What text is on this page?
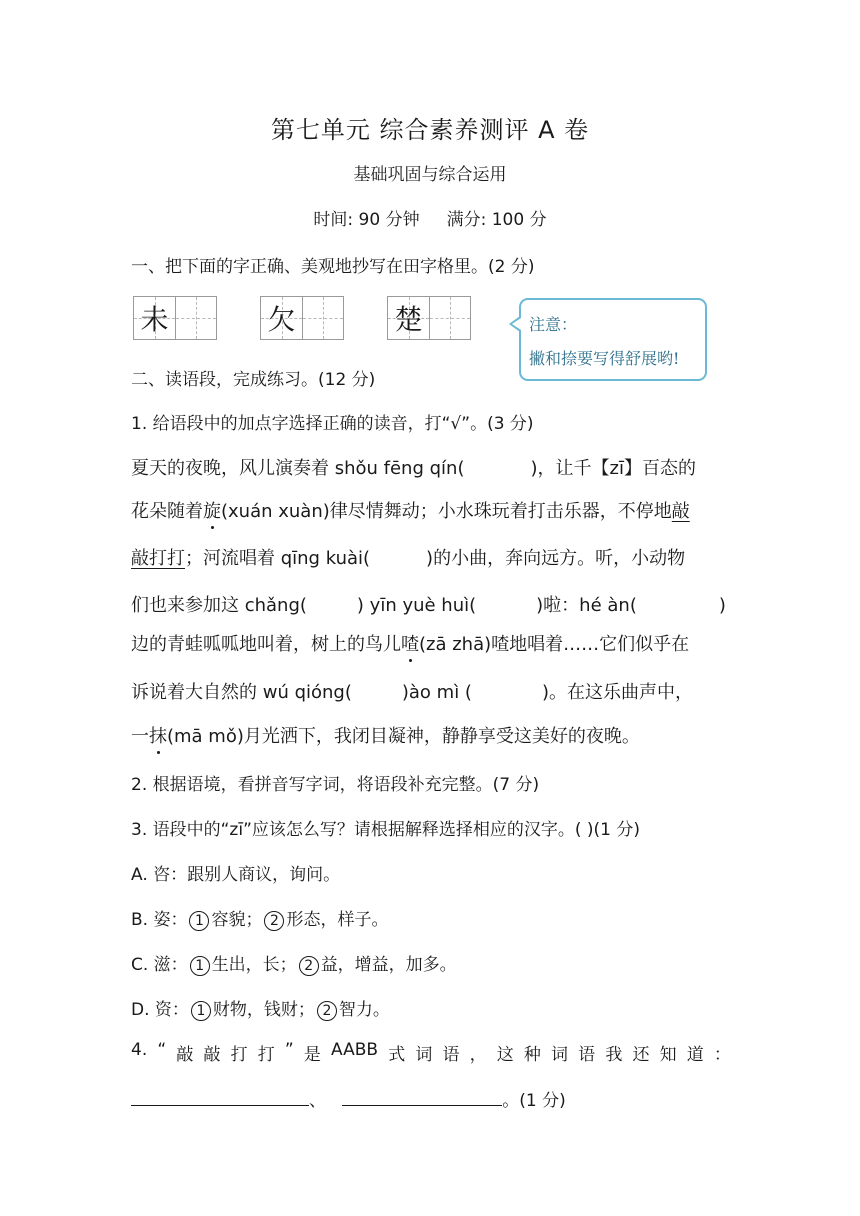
第七单元 综合素养测评 A 卷
基础巩固与综合运用
时间: 90 分钟 满分: 100 分
一、把下面的字正确、美观地抄写在田字格里。(2 分)
未	欠	楚	注意：
撇和捺要写得舒展哟!
二、读语段，完成练习。(12 分)
1. 给语段中的加点字选择正确的读音，打“√”。(3 分)
夏天的夜晚，风儿演奏着 shǒu fēng qín(	)，让千【zī】百态的
花朵随着旋(xuán xuàn)律尽情舞动；小水珠玩着打击乐器，不停地敲
敲打打；河流唱着 qīng kuài(	)的小曲，奔向远方。听，小动物
们也来参加这 chǎng(	) yīn yuè huì(	)啦：hé àn(	)
边的青蛙呱呱地叫着，树上的鸟儿喳(zā zhā)喳地唱着……它们似乎在
诉说着大自然的 wú qióng(	)ào mì (	)。在这乐曲声中，
一抹(mā mǒ)月光洒下，我闭目凝神，静静享受这美好的夜晚。
2. 根据语境，看拼音写字词，将语段补充完整。(7 分)
3. 语段中的“zī”应该怎么写？请根据解释选择相应的汉字。( )(1 分)
A. 咨：跟别人商议，询问。
B. 姿： 1 容貌； 2 形态，样子。
C. 滋： 1 生出，长； 2 益，增益，加多。
D. 资： 1 财物，钱财； 2 智力。
4. “ 敲 敲 打 打 ” 是 AABB 式 词 语 ， 这 种 词 语 我 还 知 道 ：
、	。(1 分)
